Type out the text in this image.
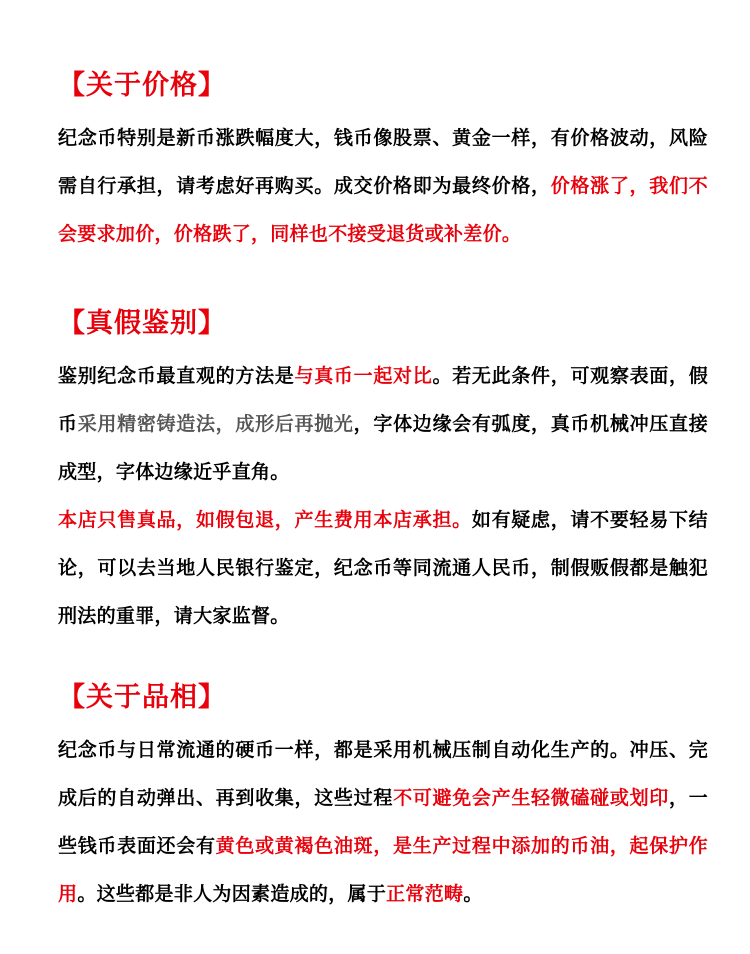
【关于价格】

纪念币特别是新币涨跌幅度大，钱币像股票、黄金一样，有价格波动，风险需自行承担，请考虑好再购买。成交价格即为最终价格，价格涨了，我们不会要求加价，价格跌了，同样也不接受退货或补差价。

【真假鉴别】

鉴别纪念币最直观的方法是与真币一起对比。若无此条件，可观察表面，假币采用精密铸造法，成形后再抛光，字体边缘会有弧度，真币机械冲压直接成型，字体边缘近乎直角。

本店只售真品，如假包退，产生费用本店承担。如有疑虑，请不要轻易下结论，可以去当地人民银行鉴定，纪念币等同流通人民币，制假贩假都是触犯刑法的重罪，请大家监督。

【关于品相】

纪念币与日常流通的硬币一样，都是采用机械压制自动化生产的。冲压、完成后的自动弹出、再到收集，这些过程不可避免会产生轻微磕碰或划印，一些钱币表面还会有黄色或黄褐色油斑，是生产过程中添加的币油，起保护作用。这些都是非人为因素造成的，属于正常范畴。
